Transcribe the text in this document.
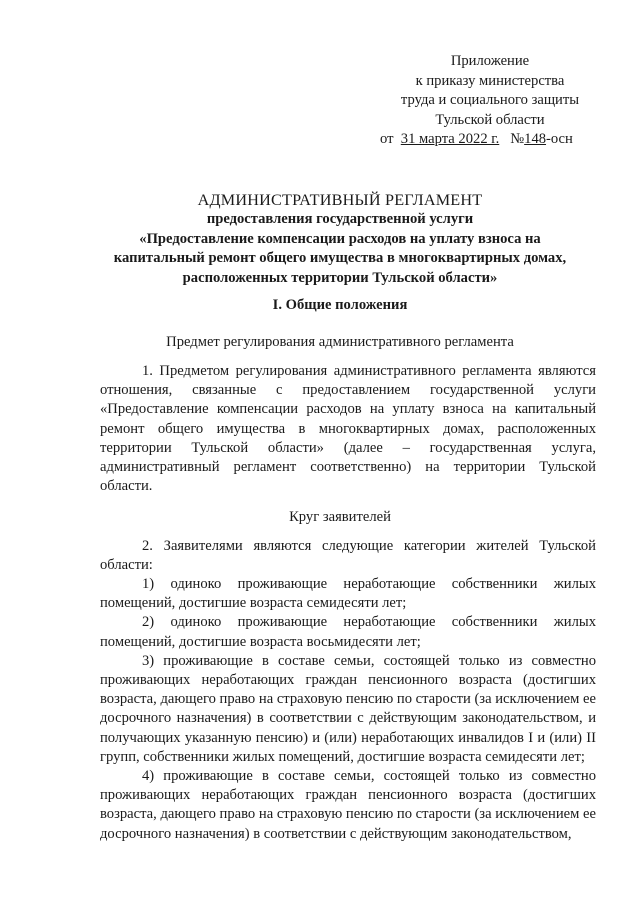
Приложение
к приказу министерства
труда и социального защиты
Тульской области
от 31 марта 2022 г. №148-осн
АДМИНИСТРАТИВНЫЙ РЕГЛАМЕНТ
предоставления государственной услуги
«Предоставление компенсации расходов на уплату взноса на
капитальный ремонт общего имущества в многоквартирных домах,
расположенных территории Тульской области»
I. Общие положения
Предмет регулирования административного регламента
1. Предметом регулирования административного регламента являются отношения, связанные с предоставлением государственной услуги «Предоставление компенсации расходов на уплату взноса на капитальный ремонт общего имущества в многоквартирных домах, расположенных территории Тульской области» (далее – государственная услуга, административный регламент соответственно) на территории Тульской области.
Круг заявителей
2. Заявителями являются следующие категории жителей Тульской области:
1) одиноко проживающие неработающие собственники жилых помещений, достигшие возраста семидесяти лет;
2) одиноко проживающие неработающие собственники жилых помещений, достигшие возраста восьмидесяти лет;
3) проживающие в составе семьи, состоящей только из совместно проживающих неработающих граждан пенсионного возраста (достигших возраста, дающего право на страховую пенсию по старости (за исключением ее досрочного назначения) в соответствии с действующим законодательством, и получающих указанную пенсию) и (или) неработающих инвалидов I и (или) II групп, собственники жилых помещений, достигшие возраста семидесяти лет;
4) проживающие в составе семьи, состоящей только из совместно проживающих неработающих граждан пенсионного возраста (достигших возраста, дающего право на страховую пенсию по старости (за исключением ее досрочного назначения) в соответствии с действующим законодательством,
